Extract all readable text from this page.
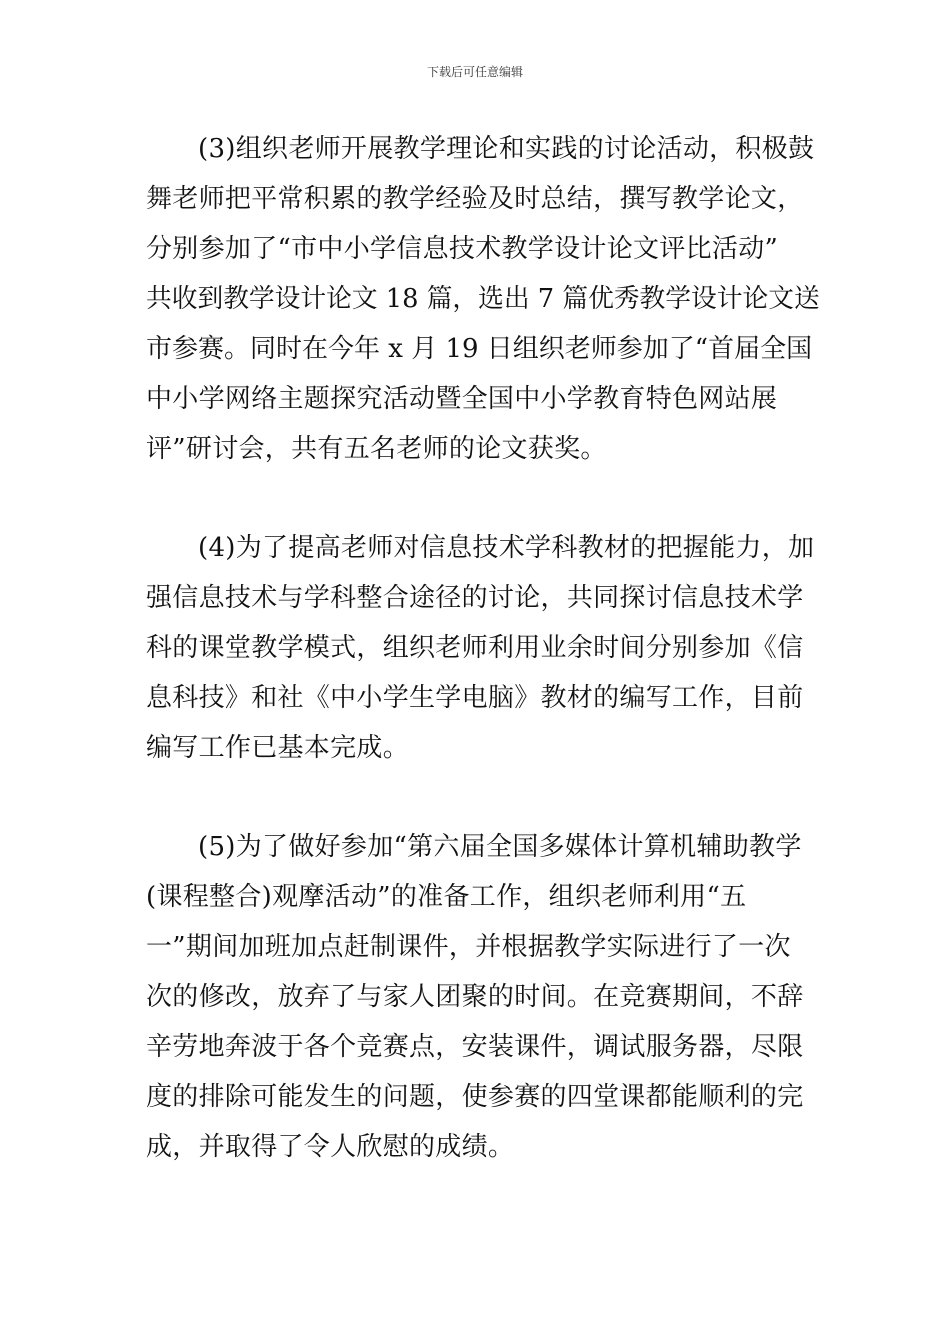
下载后可任意编辑
(3)组织老师开展教学理论和实践的讨论活动，积极鼓
舞老师把平常积累的教学经验及时总结，撰写教学论文，
分别参加了“市中小学信息技术教学设计论文评比活动”
共收到教学设计论文 18 篇，选出 7 篇优秀教学设计论文送
市参赛。同时在今年 x 月 19 日组织老师参加了“首届全国
中小学网络主题探究活动暨全国中小学教育特色网站展
评”研讨会，共有五名老师的论文获奖。
(4)为了提高老师对信息技术学科教材的把握能力，加
强信息技术与学科整合途径的讨论，共同探讨信息技术学
科的课堂教学模式，组织老师利用业余时间分别参加《信
息科技》和社《中小学生学电脑》教材的编写工作，目前
编写工作已基本完成。
(5)为了做好参加“第六届全国多媒体计算机辅助教学
(课程整合)观摩活动”的准备工作，组织老师利用“五
一”期间加班加点赶制课件，并根据教学实际进行了一次
次的修改，放弃了与家人团聚的时间。在竞赛期间，不辞
辛劳地奔波于各个竞赛点，安装课件，调试服务器，尽限
度的排除可能发生的问题，使参赛的四堂课都能顺利的完
成，并取得了令人欣慰的成绩。
